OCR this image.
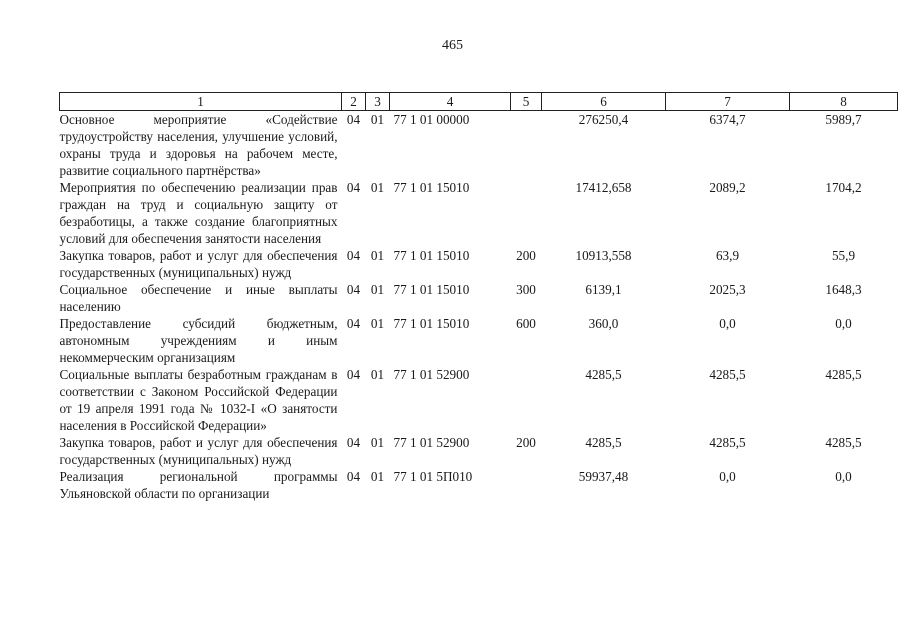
465
1	2	3	4	5	6	7	8
Основное мероприятие «Содействие трудоустройству населения, улучшение условий, охраны труда и здоровья на рабочем месте, развитие социального партнёрства»	04	01	77 1 01 00000		276250,4	6374,7	5989,7
Мероприятия по обеспечению реализации прав граждан на труд и социальную защиту от безработицы, а также создание благоприятных условий для обеспечения занятости населения	04	01	77 1 01 15010		17412,658	2089,2	1704,2
Закупка товаров, работ и услуг для обеспечения государственных (муниципальных) нужд	04	01	77 1 01 15010	200	10913,558	63,9	55,9
Социальное обеспечение и иные выплаты населению	04	01	77 1 01 15010	300	6139,1	2025,3	1648,3
Предоставление субсидий бюджетным, автономным учреждениям и иным некоммерческим организациям	04	01	77 1 01 15010	600	360,0	0,0	0,0
Социальные выплаты безработным гражданам в соответствии с Законом Российской Федерации от 19 апреля 1991 года № 1032-I «О занятости населения в Российской Федерации»	04	01	77 1 01 52900		4285,5	4285,5	4285,5
Закупка товаров, работ и услуг для обеспечения государственных (муниципальных) нужд	04	01	77 1 01 52900	200	4285,5	4285,5	4285,5
Реализация региональной программы Ульяновской области по организации	04	01	77 1 01 5П010		59937,48	0,0	0,0
